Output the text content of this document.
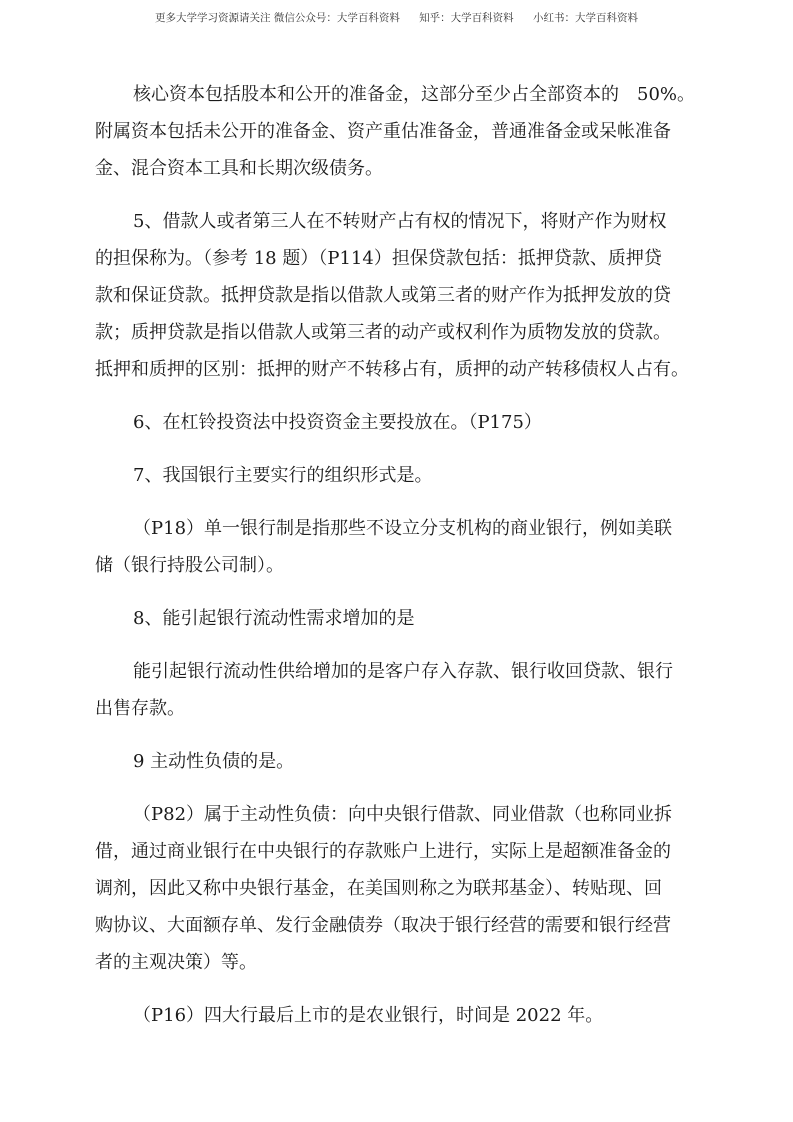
更多大学学习资源请关注 微信公众号：大学百科资料 知乎：大学百科资料 小红书：大学百科资料
核心资本包括股本和公开的准备金，这部分至少占全部资本的　50%。
附属资本包括未公开的准备金、资产重估准备金，普通准备金或呆帐准备
金、混合资本工具和长期次级债务。
5、借款人或者第三人在不转财产占有权的情况下，将财产作为财权
的担保称为。（参考 18 题）（P114）担保贷款包括：抵押贷款、质押贷
款和保证贷款。抵押贷款是指以借款人或第三者的财产作为抵押发放的贷
款；质押贷款是指以借款人或第三者的动产或权利作为质物发放的贷款。
抵押和质押的区别：抵押的财产不转移占有，质押的动产转移债权人占有。
6、在杠铃投资法中投资资金主要投放在。（P175）
7、我国银行主要实行的组织形式是。
（P18）单一银行制是指那些不设立分支机构的商业银行，例如美联
储（银行持股公司制）。
8、能引起银行流动性需求增加的是
能引起银行流动性供给增加的是客户存入存款、银行收回贷款、银行
出售存款。
9 主动性负债的是。
（P82）属于主动性负债：向中央银行借款、同业借款（也称同业拆
借，通过商业银行在中央银行的存款账户上进行，实际上是超额准备金的
调剂，因此又称中央银行基金，在美国则称之为联邦基金）、转贴现、回
购协议、大面额存单、发行金融债券（取决于银行经营的需要和银行经营
者的主观决策）等。
（P16）四大行最后上市的是农业银行，时间是 2022 年。
